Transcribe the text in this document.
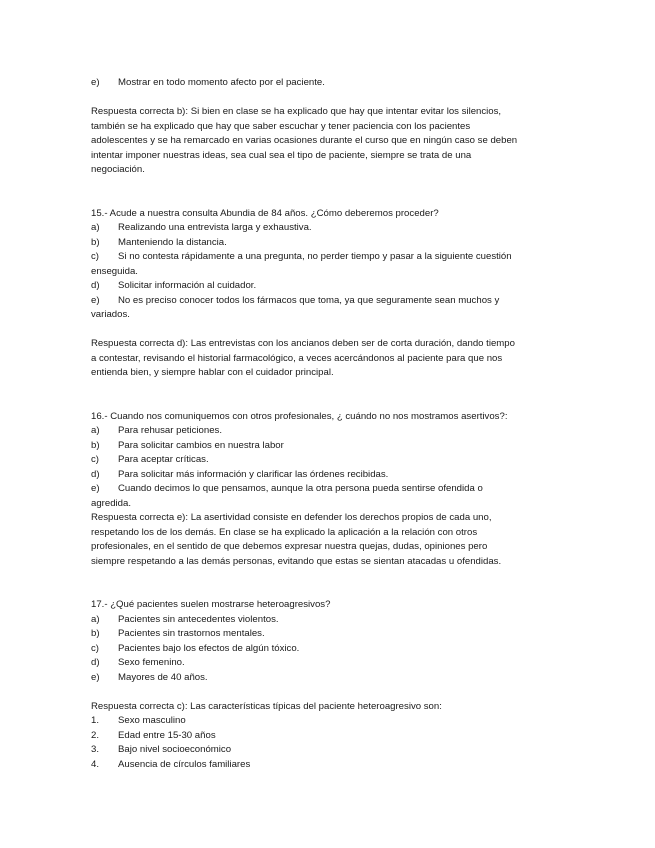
e)	Mostrar en todo momento afecto por el paciente.
Respuesta correcta b): Si bien en clase se ha explicado que hay que intentar evitar los silencios,
también se ha explicado que hay que saber escuchar y tener paciencia con los pacientes
adolescentes y se ha remarcado en varias ocasiones durante el curso que en ningún caso se deben
intentar imponer nuestras ideas, sea cual sea el tipo de paciente, siempre se trata de una
negociación.
15.- Acude a nuestra consulta Abundia de 84 años. ¿Cómo deberemos proceder?
a)	Realizando una entrevista larga y exhaustiva.
b)	Manteniendo la distancia.
c)	Si no contesta rápidamente a una pregunta, no perder tiempo y pasar a la siguiente cuestión
enseguida.
d)	Solicitar información al cuidador.
e)	No es preciso conocer todos los fármacos que toma, ya que seguramente sean muchos y
variados.
Respuesta correcta d): Las entrevistas con los ancianos deben ser de corta duración, dando tiempo
a contestar, revisando el historial farmacológico, a veces acercándonos al paciente para que nos
entienda bien, y siempre hablar con el cuidador principal.
16.- Cuando nos comuniquemos con otros profesionales, ¿ cuándo no nos mostramos asertivos?:
a)	Para rehusar peticiones.
b)	Para solicitar cambios en nuestra labor
c)	Para aceptar críticas.
d)	Para solicitar más información y clarificar las órdenes recibidas.
e)	Cuando decimos lo que pensamos, aunque la otra persona pueda sentirse ofendida o
agredida.
Respuesta correcta e): La asertividad consiste en defender los derechos propios de cada uno,
respetando los de los demás. En clase se ha explicado la aplicación a la relación con otros
profesionales, en el sentido de que debemos expresar nuestra quejas, dudas, opiniones pero
siempre respetando a las demás personas, evitando que estas se sientan atacadas u ofendidas.
17.- ¿Qué pacientes suelen mostrarse heteroagresivos?
a)	Pacientes sin antecedentes violentos.
b)	Pacientes sin trastornos mentales.
c)	Pacientes bajo los efectos de algún tóxico.
d)	Sexo femenino.
e)	Mayores de 40 años.
Respuesta correcta c): Las características típicas del paciente heteroagresivo son:
1.	Sexo masculino
2.	Edad entre 15-30 años
3.	Bajo nivel socioeconómico
4.	Ausencia de círculos familiares
